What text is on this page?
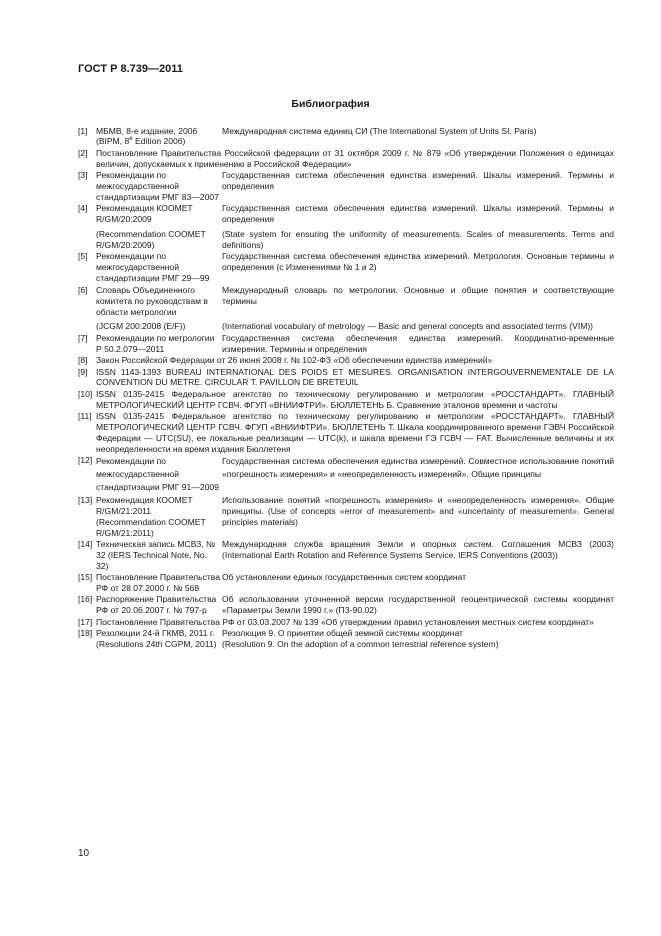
ГОСТ Р 8.739—2011
Библиография
[1] МБМВ, 8-е издание, 2006 (BIPM, 8e Edition 2006)
Международная система единиц СИ (The International System of Units SI, Paris)
[2] Постановление Правительства Российской федерации от 31 октября 2009 г. № 879 «Об утверждении Положения о единицах величин, допускаемых к применению в Российской Федерации»
[3] Рекомендации по межгосударственной стандартизации РМГ 83—2007
Государственная система обеспечения единства измерений. Шкалы измерений. Термины и определения
[4] Рекомендация КООМЕТ R/GM/20:2009
Государственная система обеспечения единства измерений. Шкалы измерений. Термины и определения
(Recommendation COOMET R/GM/20:2009)
(State system for ensuring the uniformity of measurements. Scales of measurements. Terms and definitions)
[5] Рекомендации по межгосударственной стандартизации РМГ 29—99
Государственная система обеспечения единства измерений. Метрология. Основные термины и определения (с Изменениями № 1 и 2)
[6] Словарь Объединенного комитета по руководствам в области метрологии
Международный словарь по метрологии. Основные и общие понятия и соответствующие термины
(JCGM 200:2008 (E/F))	(International vocabulary of metrology — Basic and general concepts and associated terms (VIM))
[7] Рекомендации по метрологии Р 50.2.079—2011
Государственная система обеспечения единства измерений. Координатно-временные измерения. Термины и определения
[8] Закон Российской Федерации от 26 июня 2008 г. № 102-ФЗ «Об обеспечении единства измерений»
[9] ISSN 1143-1393 BUREAU INTERNATIONAL DES POIDS ET MESURES. ORGANISATION INTERGOUVERNEMENTALE DE LA CONVENTION DU METRE. CIRCULAR T. PAVILLON DE BRETEUIL
[10] ISSN 0135-2415 Федеральное агентство по техническому регулированию и метрологии «РОССТАНДАРТ». ГЛАВНЫЙ МЕТРОЛОГИЧЕСКИЙ ЦЕНТР ГСВЧ. ФГУП «ВНИИФТРИ». БЮЛЛЕТЕНЬ Б. Сравнение эталонов времени и частоты
[11] ISSN 0135-2415 Федеральное агентство по техническому регулированию и метрологии «РОССТАНДАРТ». ГЛАВНЫЙ МЕТРОЛОГИЧЕСКИЙ ЦЕНТР ГСВЧ. ФГУП «ВНИИФТРИ». БЮЛЛЕТЕНЬ Т. Шкала координированного времени ГЭВЧ Российской Федерации — UTC(SU), ее локальные реализации — UTC(k), и шкала времени ГЭ ГСВЧ — FAT. Вычисленные величины и их неопределенности на время издания Бюллетеня
[12] Рекомендации по межгосударственной стандартизации РМГ 91—2009
Государственная система обеспечения единства измерений. Совместное использование понятий «погрешность измерения» и «неопределенность измерений». Общие принципы
[13] Рекомендация КООМЕТ R/GM/21:2011 (Recommendation COOMET R/GM/21:2011)
Использование понятий «погрешность измерения» и «неопределенность измерения». Общие принципы. (Use of concepts «error of measurement» and «uncertainty of measurement». General principles materials)
[14] Техническая запись МСВЗ, № 32 (IERS Technical Note, No. 32)
Международная служба вращения Земли и опорных систем. Соглашения МСВЗ (2003) (International Earth Rotation and Reference Systems Service. IERS Conventions (2003))
[15] Постановление Правительства РФ от 28.07.2000 г. № 568
Об установлении единых государственных систем координат
[16] Распоряжение Правительства РФ от 20.06.2007 г. № 797-р
Об использовании уточненной версии государственной геоцентрической системы координат «Параметры Земли 1990 г.» (ПЗ-90.02)
[17] Постановление Правительства РФ от 03.03.2007 № 139 «Об утверждении правил установления местных систем координат»
[18] Резолюции 24-й ГКМВ, 2011 г. Резолюция 9. О принятии общей земной системы координат
(Resolutions 24th CGPM, 2011) (Resolution 9. On the adoption of a common terrestrial reference system)
10
